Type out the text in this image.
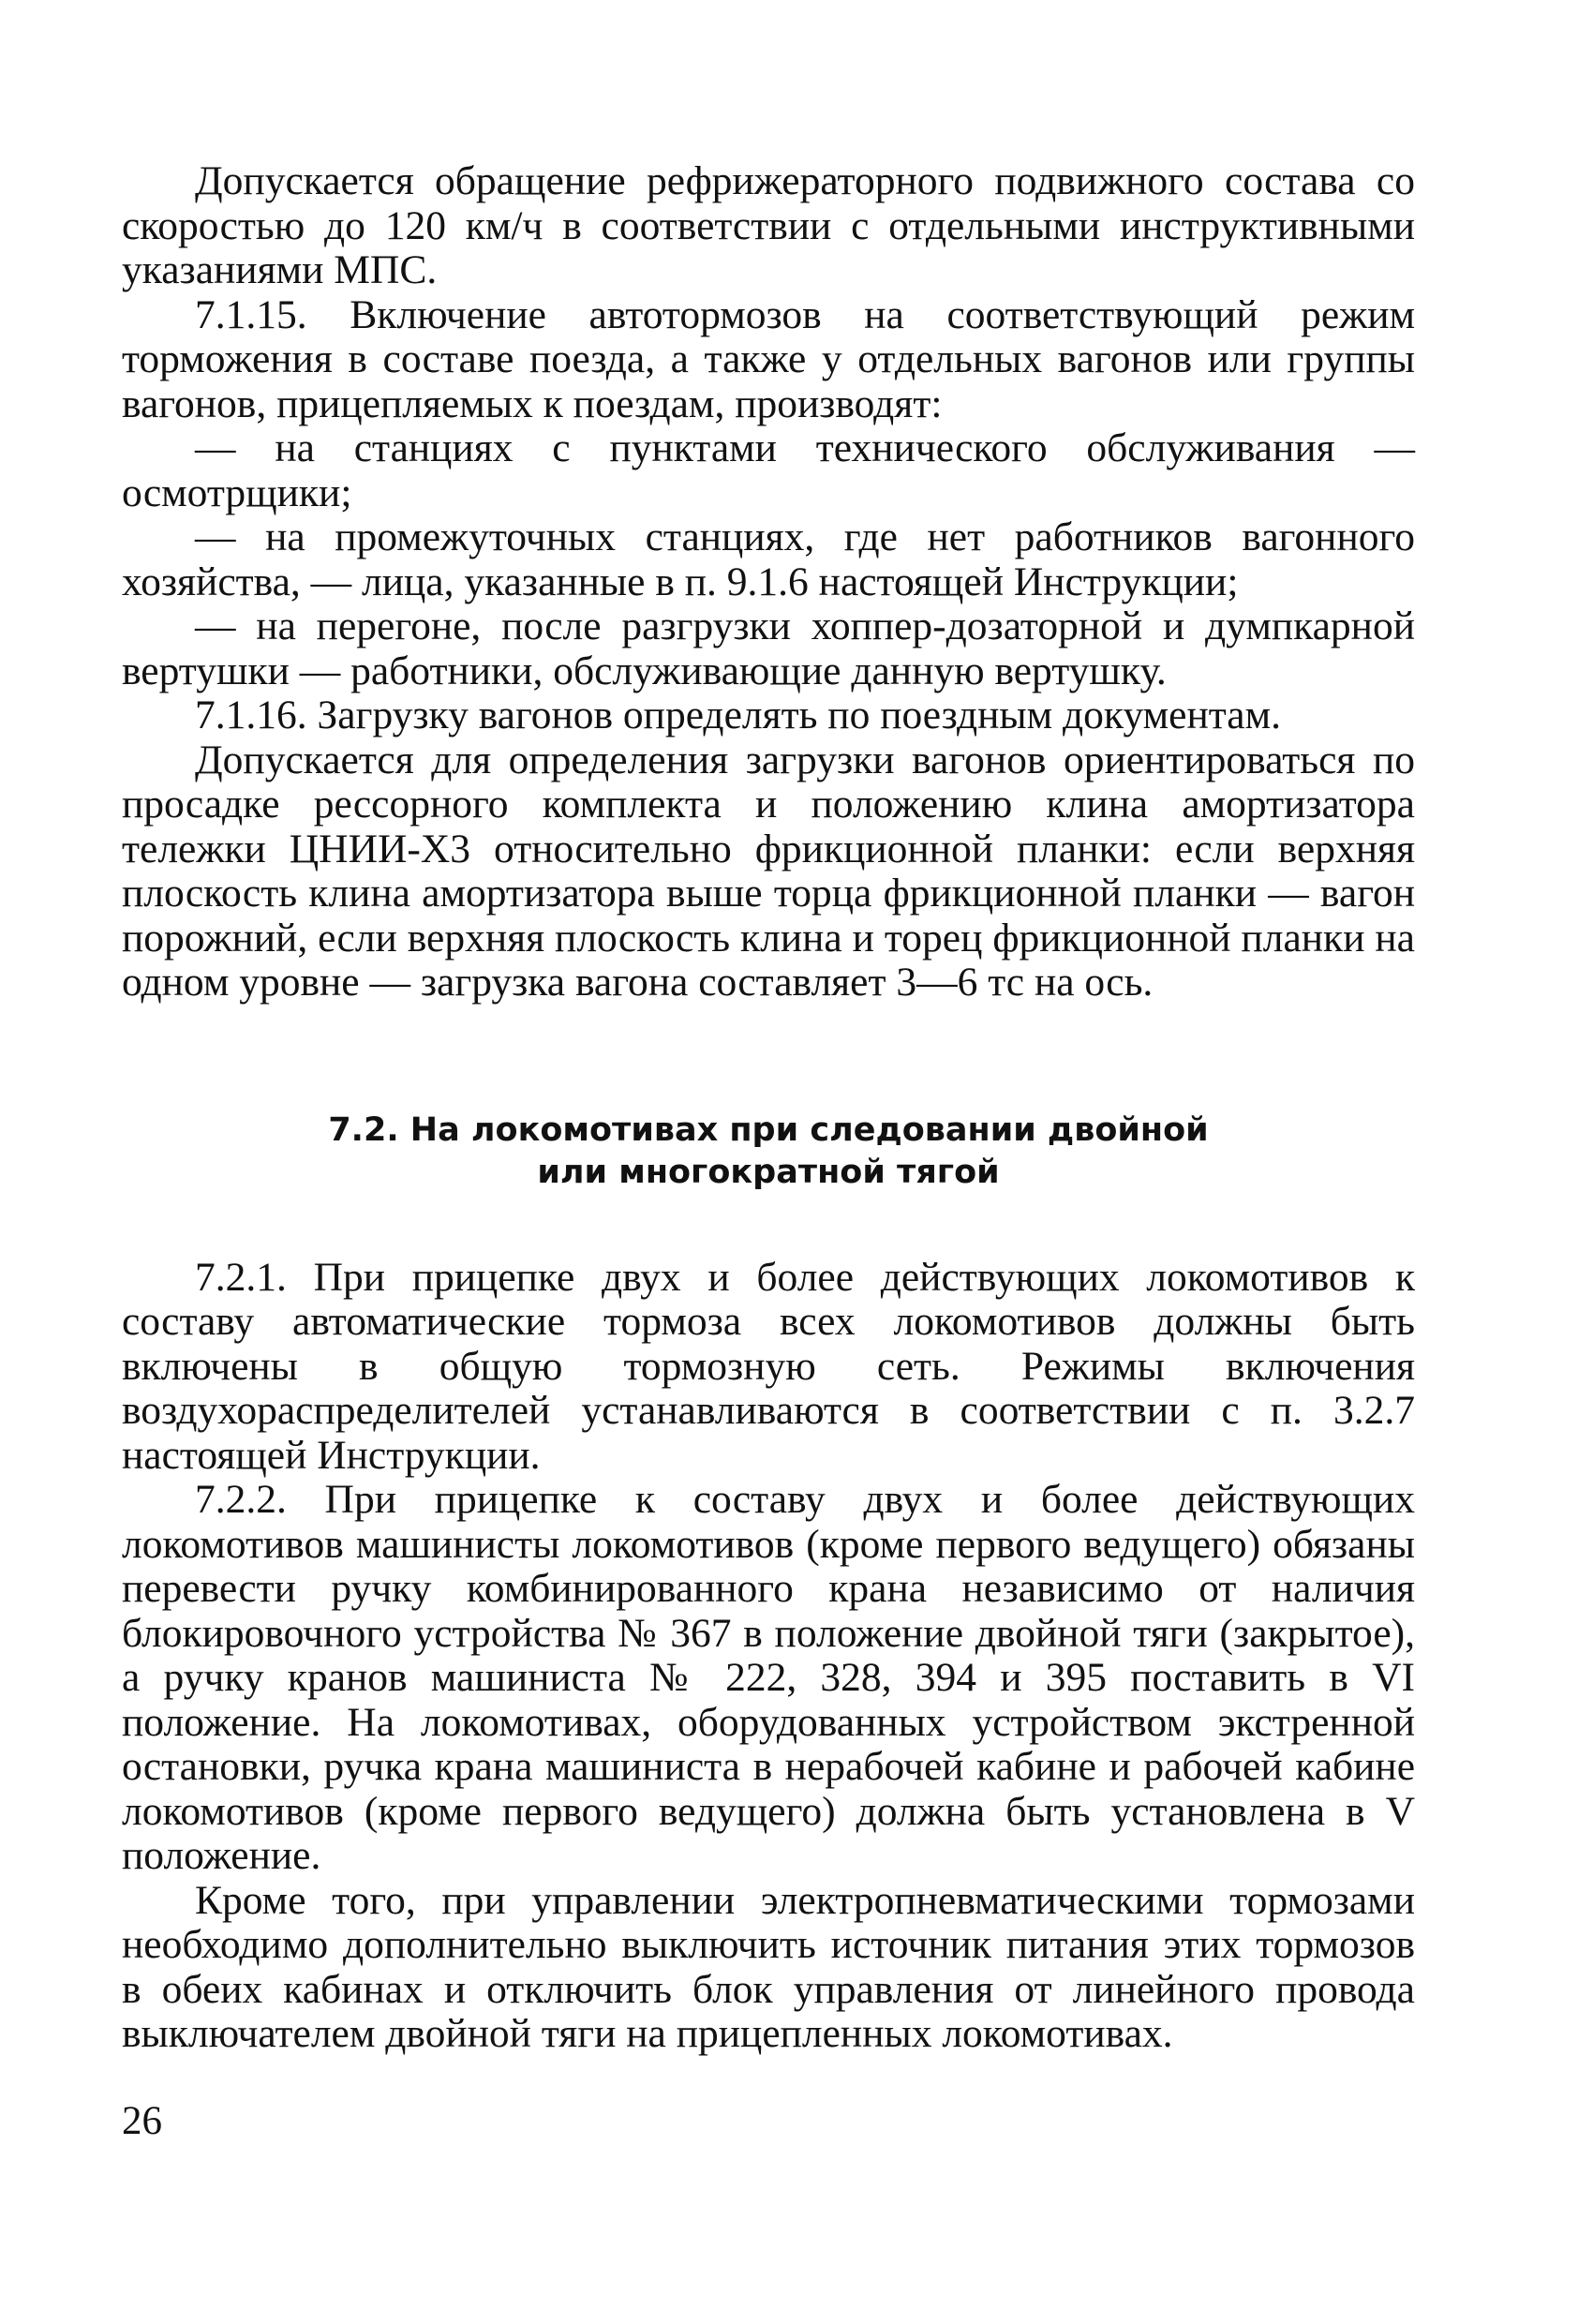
Допускается обращение рефрижераторного подвижного состава со скоростью до 120 км/ч в соответствии с отдельными инструктивными указаниями МПС.

7.1.15. Включение автотормозов на соответствующий режим торможения в составе поезда, а также у отдельных вагонов или группы вагонов, прицепляемых к поездам, производят:

— на станциях с пунктами технического обслуживания — осмотрщики;

— на промежуточных станциях, где нет работников вагонного хозяйства, — лица, указанные в п. 9.1.6 настоящей Инструкции;

— на перегоне, после разгрузки хоппер-дозаторной и думпкарной вертушки — работники, обслуживающие данную вертушку.

7.1.16. Загрузку вагонов определять по поездным документам.

Допускается для определения загрузки вагонов ориентироваться по просадке рессорного комплекта и положению клина амортизатора тележки ЦНИИ-Х3 относительно фрикционной планки: если верхняя плоскость клина амортизатора выше торца фрикционной планки — вагон порожний, если верхняя плоскость клина и торец фрикционной планки на одном уровне — загрузка вагона составляет 3—6 тс на ось.

7.2. На локомотивах при следовании двойной
или многократной тягой

7.2.1. При прицепке двух и более действующих локомотивов к составу автоматические тормоза всех локомотивов должны быть включены в общую тормозную сеть. Режимы включения воздухораспределителей устанавливаются в соответствии с п. 3.2.7 настоящей Инструкции.

7.2.2. При прицепке к составу двух и более действующих локомотивов машинисты локомотивов (кроме первого ведущего) обязаны перевести ручку комбинированного крана независимо от наличия блокировочного устройства № 367 в положение двойной тяги (закрытое), а ручку кранов машиниста № 222, 328, 394 и 395 поставить в VI положение. На локомотивах, оборудованных устройством экстренной остановки, ручка крана машиниста в нерабочей кабине и рабочей кабине локомотивов (кроме первого ведущего) должна быть установлена в V положение.

Кроме того, при управлении электропневматическими тормозами необходимо дополнительно выключить источник питания этих тормозов в обеих кабинах и отключить блок управления от линейного провода выключателем двойной тяги на прицепленных локомотивах.

26
